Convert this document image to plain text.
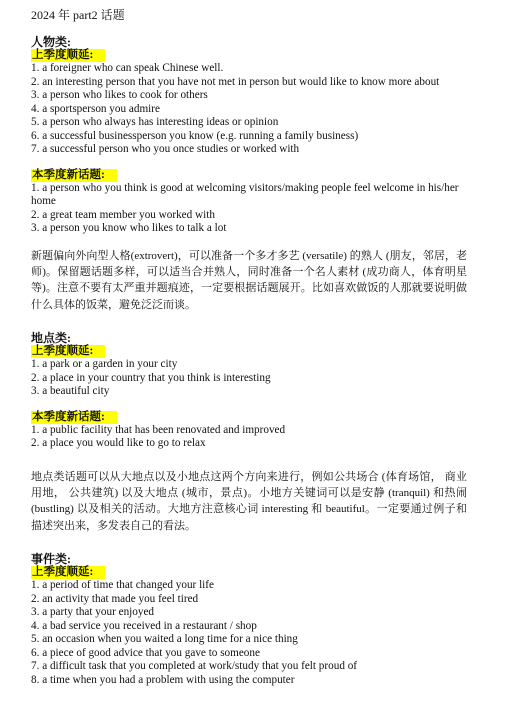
2024 年 part2 话题

人物类:

上季度顺延:

1. a foreigner who can speak Chinese well.

2. an interesting person that you have not met in person but would like to know more about

3. a person who likes to cook for others

4. a sportsperson you admire

5. a person who always has interesting ideas or opinion

6. a successful businessperson you know (e.g. running a family business)

7. a successful person who you once studies or worked with

本季度新话题:

1. a person who you think is good at welcoming visitors/making people feel welcome in his/her home

2. a great team member you worked with

3. a person you know who likes to talk a lot

新题偏向外向型人格(extrovert)，可以准备一个多才多艺 (versatile) 的熟人 (朋友，邻居，老师)。保留题话题多样，可以适当合并熟人，同时准备一个名人素材 (成功商人，体育明星等)。注意不要有太严重并题痕迹，一定要根据话题展开。比如喜欢做饭的人那就要说明做什么具体的饭菜，避免泛泛而谈。

地点类:

上季度顺延:

1. a park or a garden in your city

2. a place in your country that you think is interesting

3. a beautiful city

本季度新话题:

1. a public facility that has been renovated and improved

2. a place you would like to go to relax

地点类话题可以从大地点以及小地点这两个方向来进行，例如公共场合 (体育场馆， 商业用地， 公共建筑) 以及大地点 (城市，景点)。小地方关键词可以是安静 (tranquil) 和热闹 (bustling) 以及相关的活动。大地方注意核心词 interesting 和 beautiful。一定要通过例子和描述突出来，多发表自己的看法。

事件类:

上季度顺延:

1. a period of time that changed your life

2. an activity that made you feel tired

3. a party that your enjoyed

4. a bad service you received in a restaurant / shop

5. an occasion when you waited a long time for a nice thing

6. a piece of good advice that you gave to someone

7. a difficult task that you completed at work/study that you felt proud of

8. a time when you had a problem with using the computer
